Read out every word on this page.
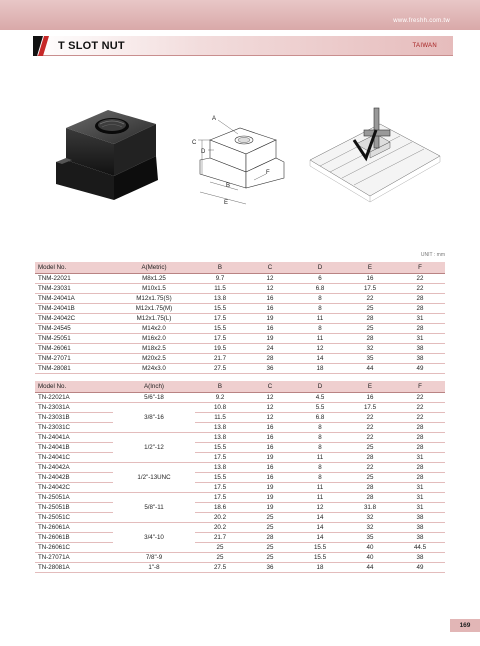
www.freshh.com.tw
T SLOT NUT	TAIWAN
A
C
D
B
E
F
UNIT : mm
Model No.	A(Metric)	B	C	D	E	F
TNM-22021	M8x1.25	9.7	12	6	16	22
TNM-23031	M10x1.5	11.5	12	6.8	17.5	22
TNM-24041A	M12x1.75(S)	13.8	16	8	22	28
TNM-24041B	M12x1.75(M)	15.5	16	8	25	28
TNM-24042C	M12x1.75(L)	17.5	19	11	28	31
TNM-24545	M14x2.0	15.5	16	8	25	28
TNM-25051	M16x2.0	17.5	19	11	28	31
TNM-26061	M18x2.5	19.5	24	12	32	38
TNM-27071	M20x2.5	21.7	28	14	35	38
TNM-28081	M24x3.0	27.5	36	18	44	49
Model No.	A(Inch)	B	C	D	E	F
TN-22021A	5/6"-18	9.2	12	4.5	16	22
TN-23031A	3/8"-16	10.8	12	5.5	17.5	22
TN-23031B		11.5	12	6.8	22	22
TN-23031C		13.8	16	8	22	28
TN-24041A	1/2"-12	13.8	16	8	22	28
TN-24041B		15.5	16	8	25	28
TN-24041C		17.5	19	11	28	31
TN-24042A	1/2"-13UNC	13.8	16	8	22	28
TN-24042B		15.5	16	8	25	28
TN-24042C		17.5	19	11	28	31
TN-25051A	5/8"-11	17.5	19	11	28	31
TN-25051B		18.6	19	12	31.8	31
TN-25051C		20.2	25	14	32	38
TN-26061A	3/4"-10	20.2	25	14	32	38
TN-26061B		21.7	28	14	35	38
TN-26061C		25	25	15.5	40	44.5
TN-27071A	7/8"-9	25	25	15.5	40	38
TN-28081A	1"-8	27.5	36	18	44	49
169
